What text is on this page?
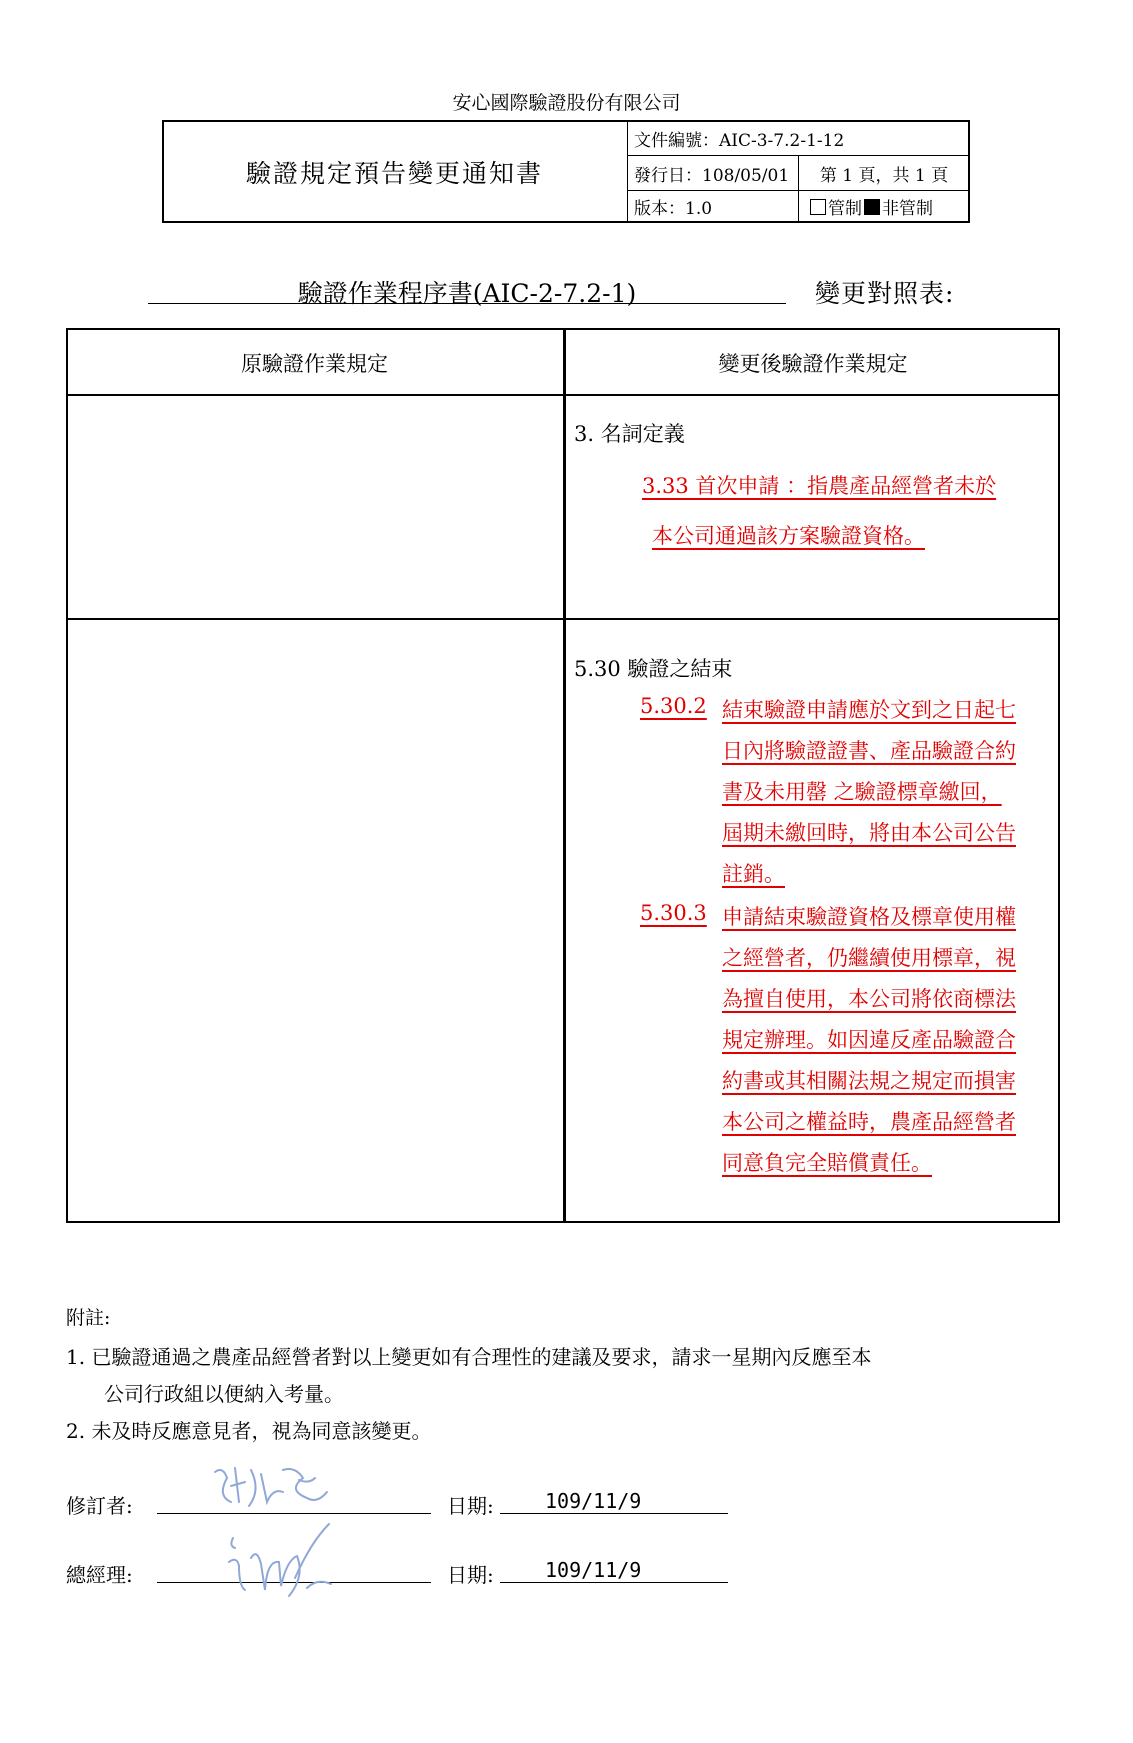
安心國際驗證股份有限公司
驗證規定預告變更通知書
文件編號：AIC-3-7.2-1-12
發行日：108/05/01	第 1 頁，共 1 頁
版本：1.0	管制 非管制
驗證作業程序書(AIC-2-7.2-1)	變更對照表:
原驗證作業規定	變更後驗證作業規定
3. 名詞定義
3.33 首次申請 ：指農產品經營者未於
本公司通過該方案驗證資格。
5.30 驗證之結束
5.30.2 結束驗證申請應於文到之日起七
日內將驗證證書、產品驗證合約
書及未用罄 之驗證標章繳回，
屆期未繳回時，將由本公司公告
註銷。
5.30.3 申請結束驗證資格及標章使用權
之經營者，仍繼續使用標章，視
為擅自使用，本公司將依商標法
規定辦理。如因違反產品驗證合
約書或其相關法規之規定而損害
本公司之權益時，農產品經營者
同意負完全賠償責任。
附註:
1. 已驗證通過之農產品經營者對以上變更如有合理性的建議及要求，請求一星期內反應至本
公司行政組以便納入考量。
2. 未及時反應意見者，視為同意該變更。
修訂者:	日期:	109/11/9
總經理:	日期:	109/11/9
